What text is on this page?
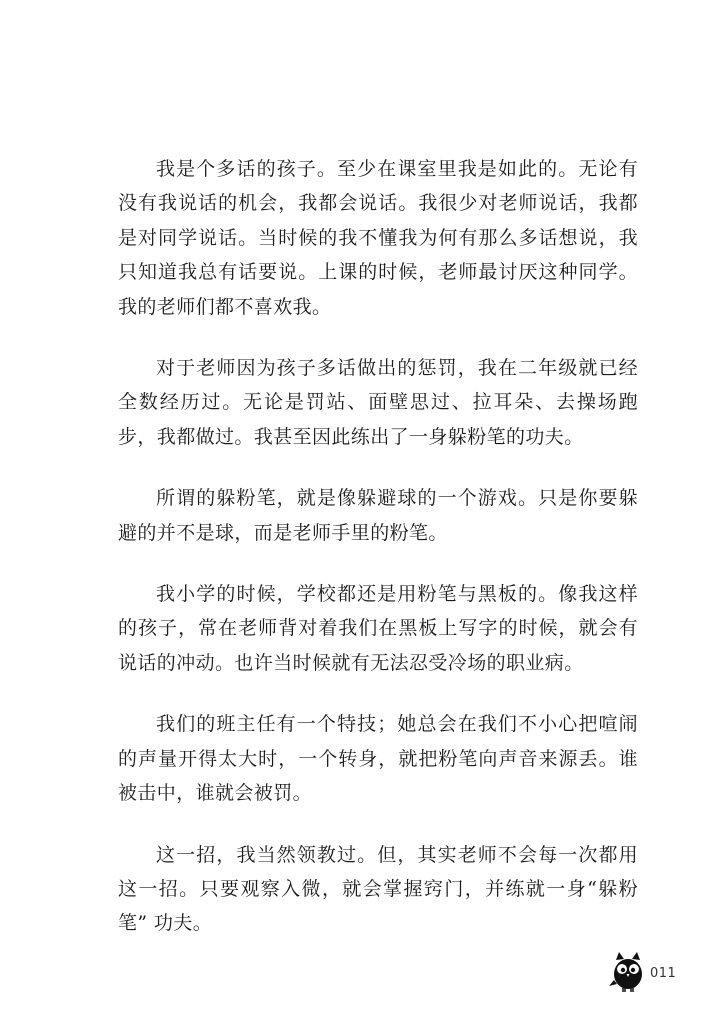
我是个多话的孩子。至少在课室里我是如此的。无论有没有我说话的机会，我都会说话。我很少对老师说话，我都是对同学说话。当时候的我不懂我为何有那么多话想说，我只知道我总有话要说。上课的时候，老师最讨厌这种同学。我的老师们都不喜欢我。

对于老师因为孩子多话做出的惩罚，我在二年级就已经全数经历过。无论是罚站、面壁思过、拉耳朵、去操场跑步，我都做过。我甚至因此练出了一身躲粉笔的功夫。

所谓的躲粉笔，就是像躲避球的一个游戏。只是你要躲避的并不是球，而是老师手里的粉笔。

我小学的时候，学校都还是用粉笔与黑板的。像我这样的孩子，常在老师背对着我们在黑板上写字的时候，就会有说话的冲动。也许当时候就有无法忍受冷场的职业病。

我们的班主任有一个特技；她总会在我们不小心把喧闹的声量开得太大时，一个转身，就把粉笔向声音来源丢。谁被击中，谁就会被罚。

这一招，我当然领教过。但，其实老师不会每一次都用这一招。只要观察入微，就会掌握窍门，并练就一身“躲粉笔” 功夫。

011
